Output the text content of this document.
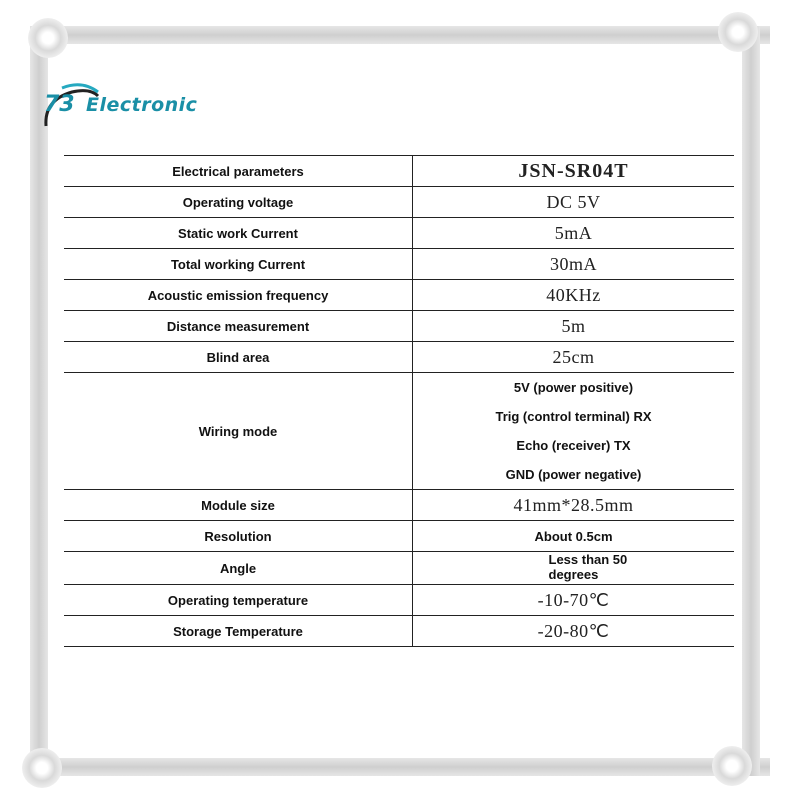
73 Electronic
Electrical parameters	JSN-SR04T
Operating voltage	DC 5V
Static work Current	5mA
Total working Current	30mA
Acoustic emission frequency	40KHz
Distance measurement	5m
Blind area	25cm
Wiring mode	5V (power positive)
Trig (control terminal) RX
Echo (receiver) TX
GND (power negative)

Module size	41mm*28.5mm
Resolution	About 0.5cm
Angle	Less than 50 degrees
Operating temperature	-10-70℃
Storage Temperature	-20-80℃
